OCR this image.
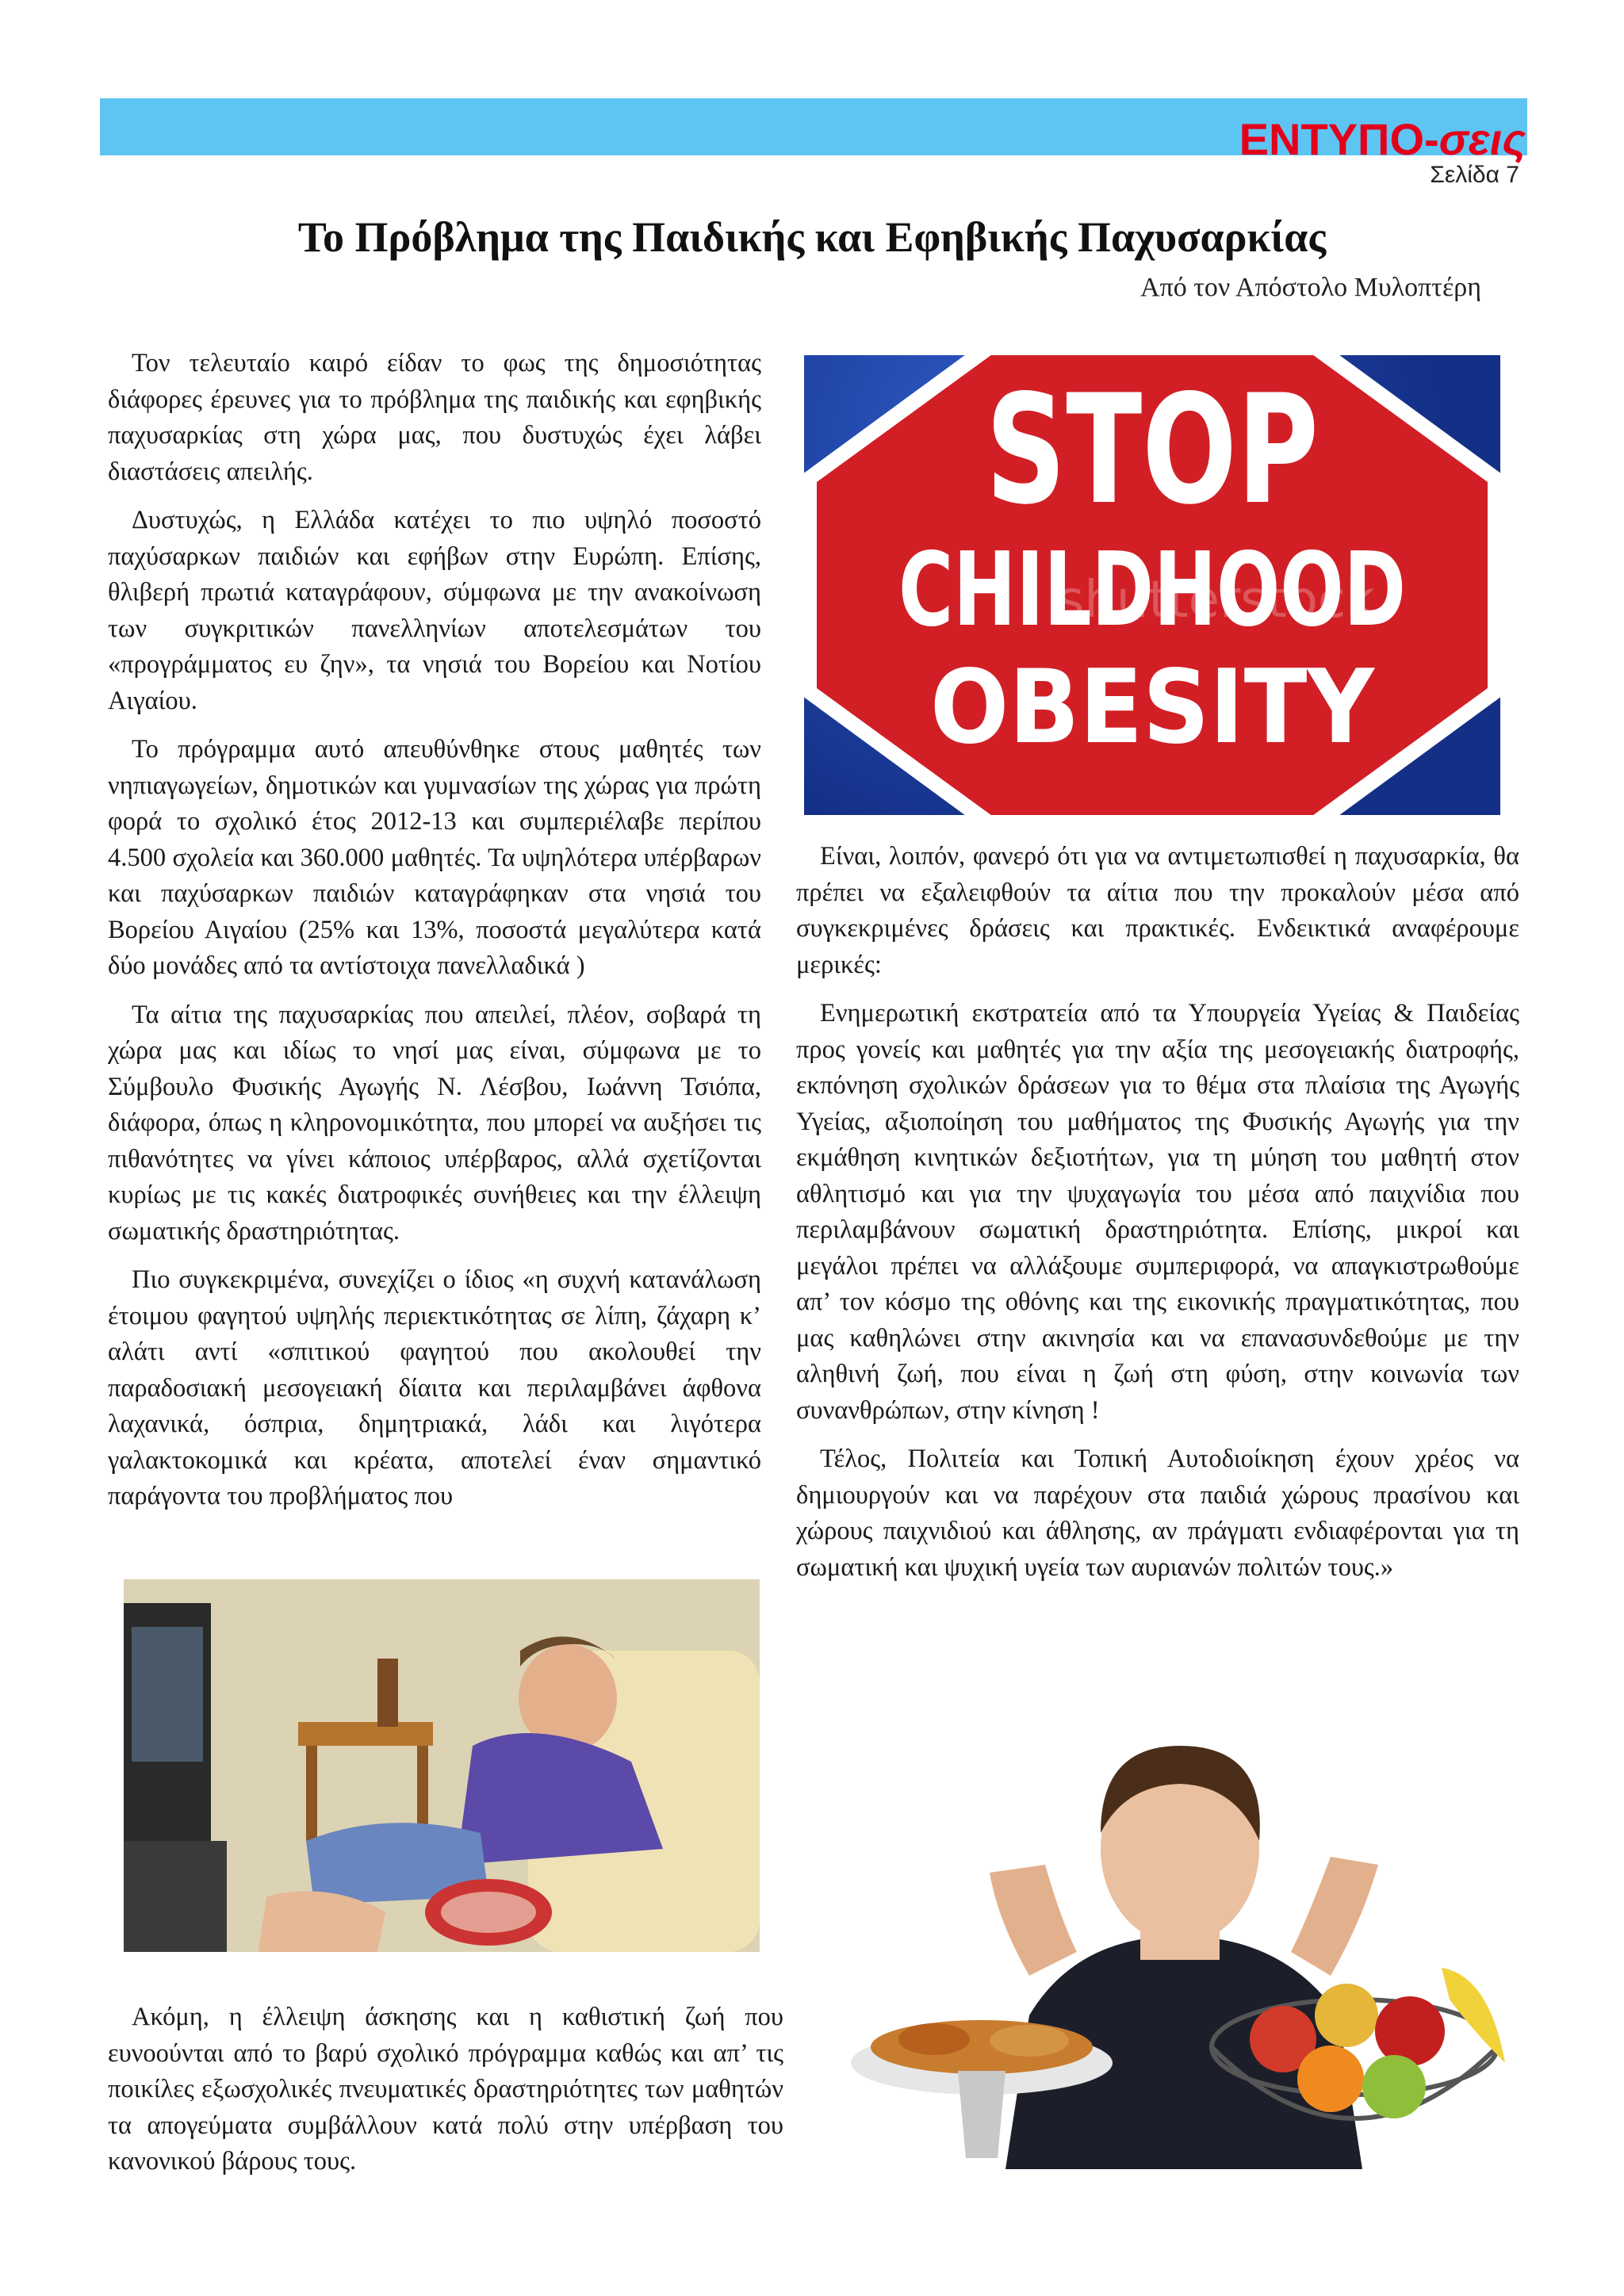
ΕΝΤΥΠΟ-σεις
Σελίδα 7
Το Πρόβλημα της Παιδικής και Εφηβικής Παχυσαρκίας
Από τον Απόστολο Μυλοπτέρη

Τον τελευταίο καιρό είδαν το φως της δημοσιότητας διάφορες έρευνες για το πρόβλημα της παιδικής και εφηβικής παχυσαρκίας στη χώρα μας, που δυστυχώς έχει λάβει διαστάσεις απειλής.

Δυστυχώς, η Ελλάδα κατέχει το πιο υψηλό ποσοστό παχύσαρκων παιδιών και εφήβων στην Ευρώπη. Επίσης, θλιβερή πρωτιά καταγράφουν, σύμφωνα με την ανακοίνωση των συγκριτικών πανελληνίων αποτελεσμάτων του «προγράμματος ευ ζην», τα νησιά του Βορείου και Νοτίου Αιγαίου.

Το πρόγραμμα αυτό απευθύνθηκε στους μαθητές των νηπιαγωγείων, δημοτικών και γυμνασίων της χώρας για πρώτη φορά το σχολικό έτος 2012-13 και συμπεριέλαβε περίπου 4.500 σχολεία και 360.000 μαθητές. Τα υψηλότερα υπέρβαρων και παχύσαρκων παιδιών καταγράφηκαν στα νησιά του Βορείου Αιγαίου (25% και 13%, ποσοστά μεγαλύτερα κατά δύο μονάδες από τα αντίστοιχα πανελλαδικά )

Τα αίτια της παχυσαρκίας που απειλεί, πλέον, σοβαρά τη χώρα μας και ιδίως το νησί μας είναι, σύμφωνα με το Σύμβουλο Φυσικής Αγωγής Ν. Λέσβου, Ιωάννη Τσιόπα, διάφορα, όπως η κληρονομικότητα, που μπορεί να αυξήσει τις πιθανότητες να γίνει κάποιος υπέρβαρος, αλλά σχετίζονται κυρίως με τις κακές διατροφικές συνήθειες και την έλλειψη σωματικής δραστηριότητας.

Πιο συγκεκριμένα, συνεχίζει ο ίδιος «η συχνή κατανάλωση έτοιμου φαγητού υψηλής περιεκτικότητας σε λίπη, ζάχαρη κ’ αλάτι αντί «σπιτικού φαγητού που ακολουθεί την παραδοσιακή μεσογειακή δίαιτα και περιλαμβάνει άφθονα λαχανικά, όσπρια, δημητριακά, λάδι και λιγότερα γαλακτοκομικά και κρέατα, αποτελεί έναν σημαντικό παράγοντα του προβλήματος που

STOP
CHILDHOOD
OBESITY
shutterstock

Είναι, λοιπόν, φανερό ότι για να αντιμετωπισθεί η παχυσαρκία, θα πρέπει να εξαλειφθούν τα αίτια που την προκαλούν μέσα από συγκεκριμένες δράσεις και πρακτικές. Ενδεικτικά αναφέρουμε μερικές:

Ενημερωτική εκστρατεία από τα Υπουργεία Υγείας & Παιδείας προς γονείς και μαθητές για την αξία της μεσογειακής διατροφής, εκπόνηση σχολικών δράσεων για το θέμα στα πλαίσια της Αγωγής Υγείας, αξιοποίηση του μαθήματος της Φυσικής Αγωγής για την εκμάθηση κινητικών δεξιοτήτων, για τη μύηση του μαθητή στον αθλητισμό και για την ψυχαγωγία του μέσα από παιχνίδια που περιλαμβάνουν σωματική δραστηριότητα. Επίσης, μικροί και μεγάλοι πρέπει να αλλάξουμε συμπεριφορά, να απαγκιστρωθούμε απ’ τον κόσμο της οθόνης και της εικονικής πραγματικότητας, που μας καθηλώνει στην ακινησία και να επανασυνδεθούμε με την αληθινή ζωή, που είναι η ζωή στη φύση, στην κοινωνία των συνανθρώπων, στην κίνηση !

Τέλος, Πολιτεία και Τοπική Αυτοδιοίκηση έχουν χρέος να δημιουργούν και να παρέχουν στα παιδιά χώρους πρασίνου και χώρους παιχνιδιού και άθλησης, αν πράγματι ενδιαφέρονται για τη σωματική και ψυχική υγεία των αυριανών πολιτών τους.»

Ακόμη, η έλλειψη άσκησης και η καθιστική ζωή που ευνοούνται από το βαρύ σχολικό πρόγραμμα καθώς και απ’ τις ποικίλες εξωσχολικές πνευματικές δραστηριότητες των μαθητών τα απογεύματα συμβάλλουν κατά πολύ στην υπέρβαση του κανονικού βάρους τους.
